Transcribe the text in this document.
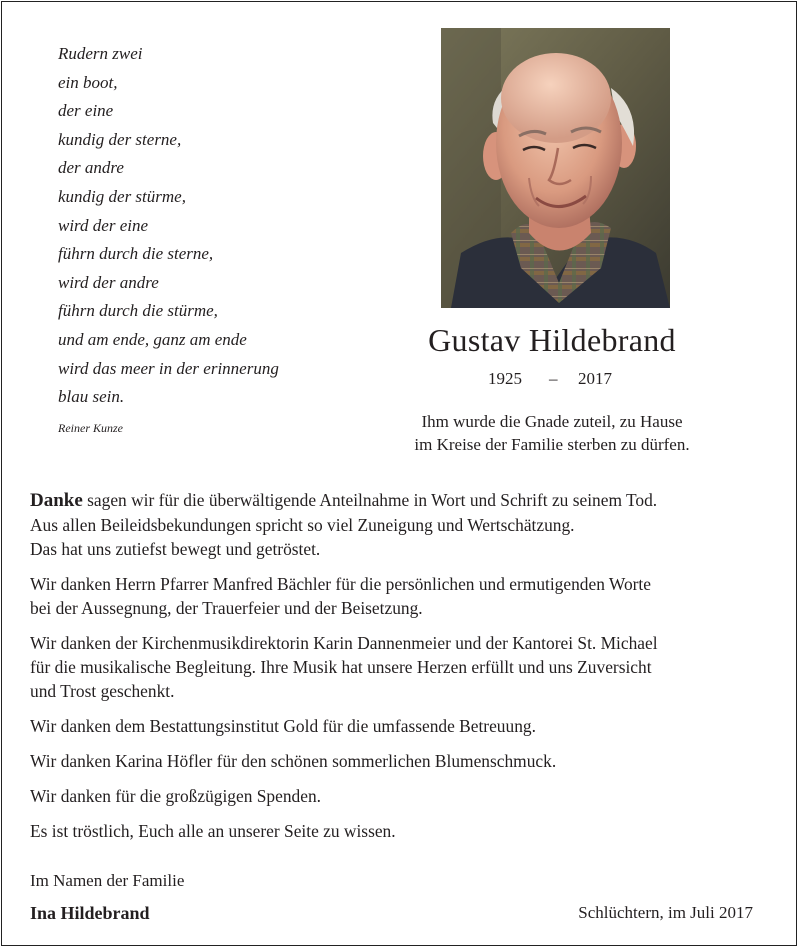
Rudern zwei
ein boot,
der eine
kundig der sterne,
der andre
kundig der stürme,
wird der eine
führn durch die sterne,
wird der andre
führn durch die stürme,
und am ende, ganz am ende
wird das meer in der erinnerung
blau sein.
Reiner Kunze
Gustav Hildebrand
1925 – 2017
Ihm wurde die Gnade zuteil, zu Hause
im Kreise der Familie sterben zu dürfen.

Danke sagen wir für die überwältigende Anteilnahme in Wort und Schrift zu seinem Tod.
Aus allen Beileidsbekundungen spricht so viel Zuneigung und Wertschätzung.
Das hat uns zutiefst bewegt und getröstet.

Wir danken Herrn Pfarrer Manfred Bächler für die persönlichen und ermutigenden Worte
bei der Aussegnung, der Trauerfeier und der Beisetzung.

Wir danken der Kirchenmusikdirektorin Karin Dannenmeier und der Kantorei St. Michael
für die musikalische Begleitung. Ihre Musik hat unsere Herzen erfüllt und uns Zuversicht
und Trost geschenkt.

Wir danken dem Bestattungsinstitut Gold für die umfassende Betreuung.

Wir danken Karina Höfler für den schönen sommerlichen Blumenschmuck.

Wir danken für die großzügigen Spenden.

Es ist tröstlich, Euch alle an unserer Seite zu wissen.

Im Namen der Familie
Ina Hildebrand	Schlüchtern, im Juli 2017
